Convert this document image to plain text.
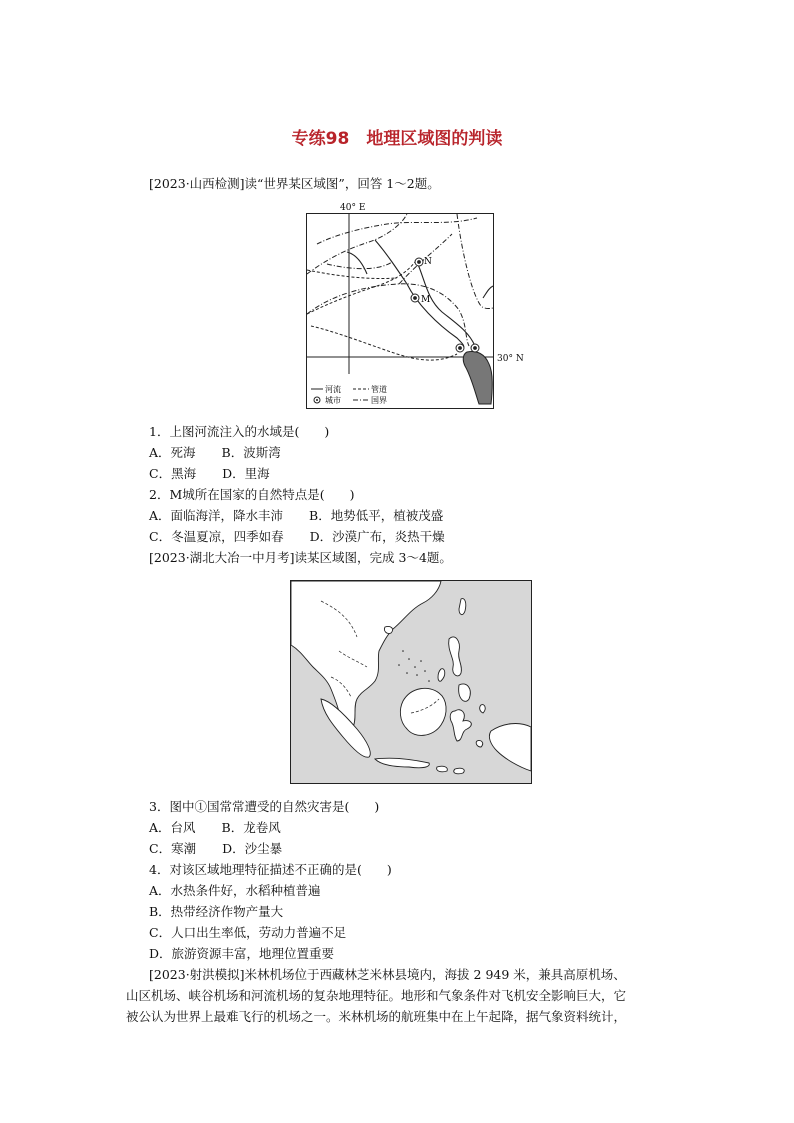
专练98　地理区域图的判读
[2023·山西检测]读“世界某区域图”，回答 1～2题。
N
M
河流	管道
城市	国界
40° E
30° N
1．上图河流注入的水域是(　　)
A．死海 B．波斯湾
C．黑海 D．里海
2．M城所在国家的自然特点是(　　)
A．面临海洋，降水丰沛 B．地势低平，植被茂盛
C．冬温夏凉，四季如春 D．沙漠广布，炎热干燥
[2023·湖北大冶一中月考]读某区域图，完成 3～4题。
3．图中①国常常遭受的自然灾害是(　　)
A．台风 B．龙卷风
C．寒潮 D．沙尘暴
4．对该区域地理特征描述不正确的是(　　)
A．水热条件好，水稻种植普遍
B．热带经济作物产量大
C．人口出生率低，劳动力普遍不足
D．旅游资源丰富，地理位置重要
[2023·射洪模拟]米林机场位于西藏林芝米林县境内，海拔 2 949 米，兼具高原机场、
山区机场、峡谷机场和河流机场的复杂地理特征。地形和气象条件对飞机安全影响巨大，它
被公认为世界上最难飞行的机场之一。米林机场的航班集中在上午起降，据气象资料统计，
